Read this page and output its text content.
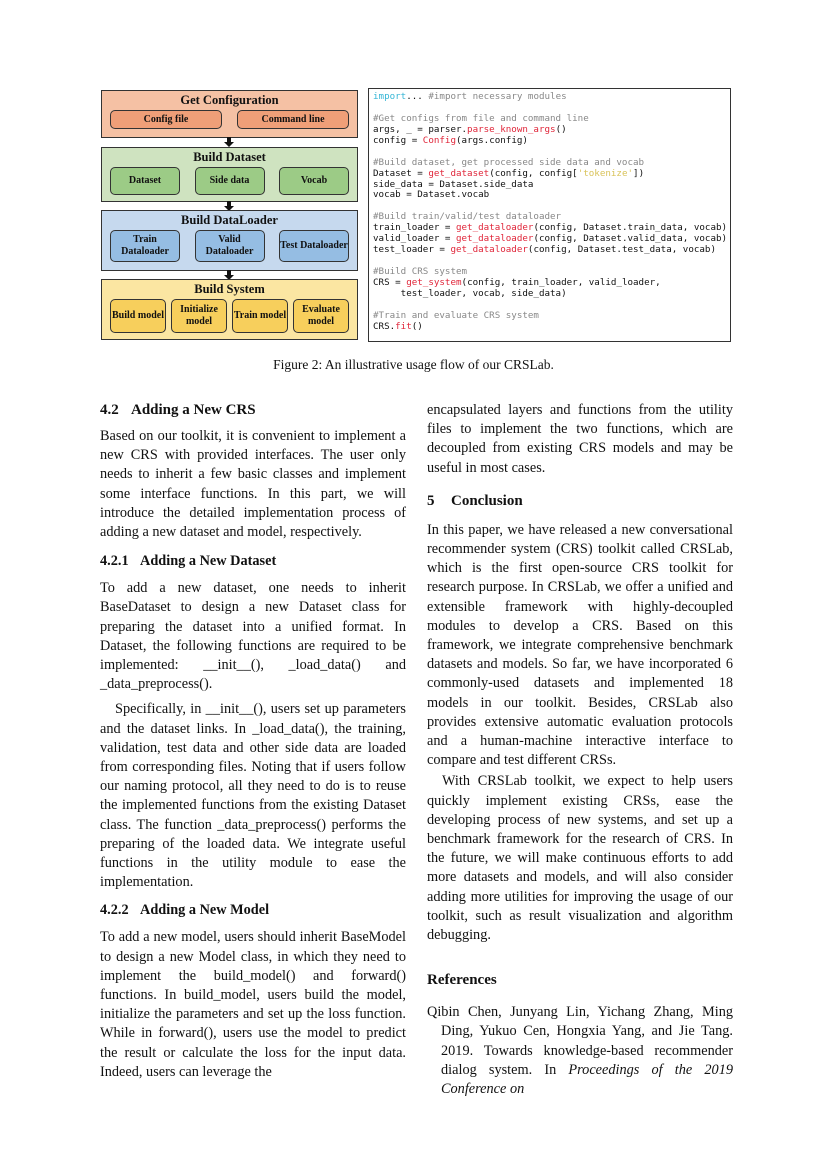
Get Configuration
Config file	Command line
Build Dataset
Dataset	Side data	Vocab
Build DataLoader
Train Dataloader
Valid Dataloader
Test Dataloader
Build System
Build model
Initialize model
Train model
Evaluate model
import... #import necessary modules
#Get configs from file and command line
args, _ = parser.parse_known_args()
config = Config(args.config)
#Build dataset, get processed side data and vocab
Dataset = get_dataset(config, config['tokenize'])
side_data = Dataset.side_data
vocab = Dataset.vocab
#Build train/valid/test dataloader
train_loader = get_dataloader(config, Dataset.train_data, vocab)
valid_loader = get_dataloader(config, Dataset.valid_data, vocab)
test_loader = get_dataloader(config, Dataset.test_data, vocab)
#Build CRS system
CRS = get_system(config, train_loader, valid_loader,
test_loader, vocab, side_data)
#Train and evaluate CRS system
CRS.fit()
Figure 2: An illustrative usage flow of our CRSLab.
4.2 Adding a New CRS

Based on our toolkit, it is convenient to implement a new CRS with provided interfaces. The user only needs to inherit a few basic classes and implement some interface functions. In this part, we will introduce the detailed implementation process of adding a new dataset and model, respectively.

4.2.1 Adding a New Dataset

To add a new dataset, one needs to inherit BaseDataset to design a new Dataset class for preparing the dataset into a unified format. In Dataset, the following functions are required to be implemented: __init__(), _load_data() and _data_preprocess().

Specifically, in __init__(), users set up parameters and the dataset links. In _load_data(), the training, validation, test data and other side data are loaded from corresponding files. Noting that if users follow our naming protocol, all they need to do is to reuse the implemented functions from the existing Dataset class. The function _data_preprocess() performs the preparing of the loaded data. We integrate useful functions in the utility module to ease the implementation.

4.2.2 Adding a New Model

To add a new model, users should inherit BaseModel to design a new Model class, in which they need to implement the build_model() and forward() functions. In build_model, users build the model, initialize the parameters and set up the loss function. While in forward(), users use the model to predict the result or calculate the loss for the input data. Indeed, users can leverage the

encapsulated layers and functions from the utility files to implement the two functions, which are decoupled from existing CRS models and may be useful in most cases.

5 Conclusion

In this paper, we have released a new conversational recommender system (CRS) toolkit called CRSLab, which is the first open-source CRS toolkit for research purpose. In CRSLab, we offer a unified and extensible framework with highly-decoupled modules to develop a CRS. Based on this framework, we integrate comprehensive benchmark datasets and models. So far, we have incorporated 6 commonly-used datasets and implemented 18 models in our toolkit. Besides, CRSLab also provides extensive automatic evaluation protocols and a human-machine interactive interface to compare and test different CRSs.

With CRSLab toolkit, we expect to help users quickly implement existing CRSs, ease the developing process of new systems, and set up a benchmark framework for the research of CRS. In the future, we will make continuous efforts to add more datasets and models, and will also consider adding more utilities for improving the usage of our toolkit, such as result visualization and algorithm debugging.

References

Qibin Chen, Junyang Lin, Yichang Zhang, Ming Ding, Yukuo Cen, Hongxia Yang, and Jie Tang. 2019. Towards knowledge-based recommender dialog system. In Proceedings of the 2019 Conference on
